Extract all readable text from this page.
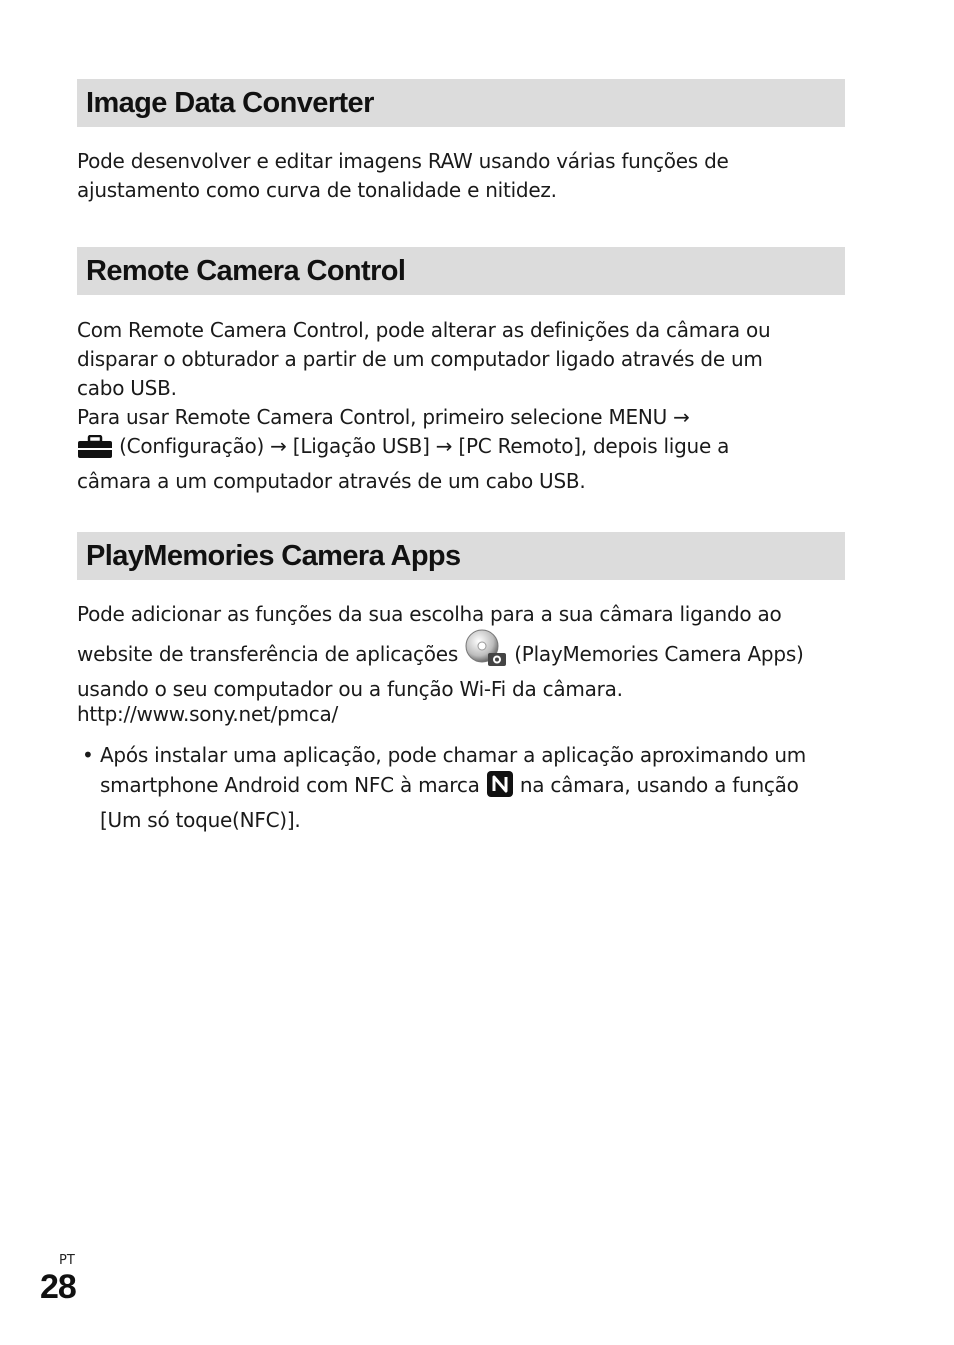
Image Data Converter

Pode desenvolver e editar imagens RAW usando várias funções de
ajustamento como curva de tonalidade e nitidez.

Remote Camera Control

Com Remote Camera Control, pode alterar as definições da câmara ou
disparar o obturador a partir de um computador ligado através de um
cabo USB.
Para usar Remote Camera Control, primeiro selecione MENU →
(Configuração) → [Ligação USB] → [PC Remoto], depois ligue a
câmara a um computador através de um cabo USB.

PlayMemories Camera Apps

Pode adicionar as funções da sua escolha para a sua câmara ligando ao
website de transferência de aplicações	(PlayMemories Camera Apps)
usando o seu computador ou a função Wi-Fi da câmara.

http://www.sony.net/pmca/

• Após instalar uma aplicação, pode chamar a aplicação aproximando um
smartphone Android com NFC à marca na câmara, usando a função
[Um só toque(NFC)].
PT
28
